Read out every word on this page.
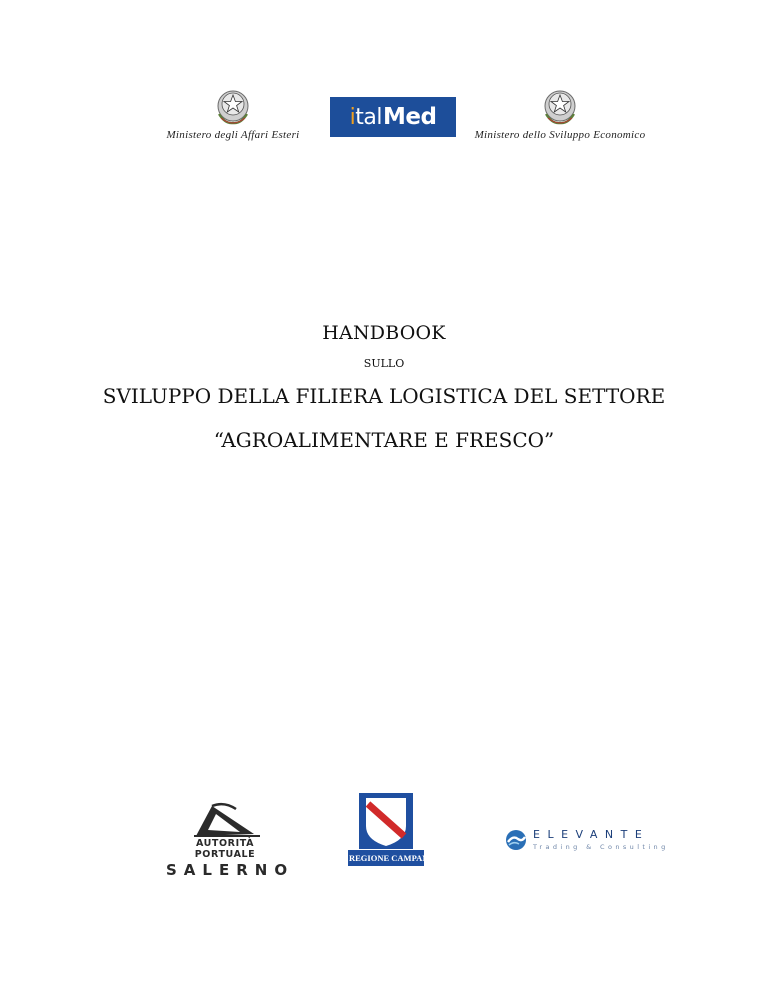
Ministero degli Affari Esteri
ital Med
Ministero dello Sviluppo Economico
HANDBOOK
SULLO
SVILUPPO DELLA FILIERA LOGISTICA DEL SETTORE
“AGROALIMENTARE E FRESCO”
AUTORITÀ PORTUALE
SALERNO
REGIONE CAMPANIA
ELEVANTE
Trading & Consulting
